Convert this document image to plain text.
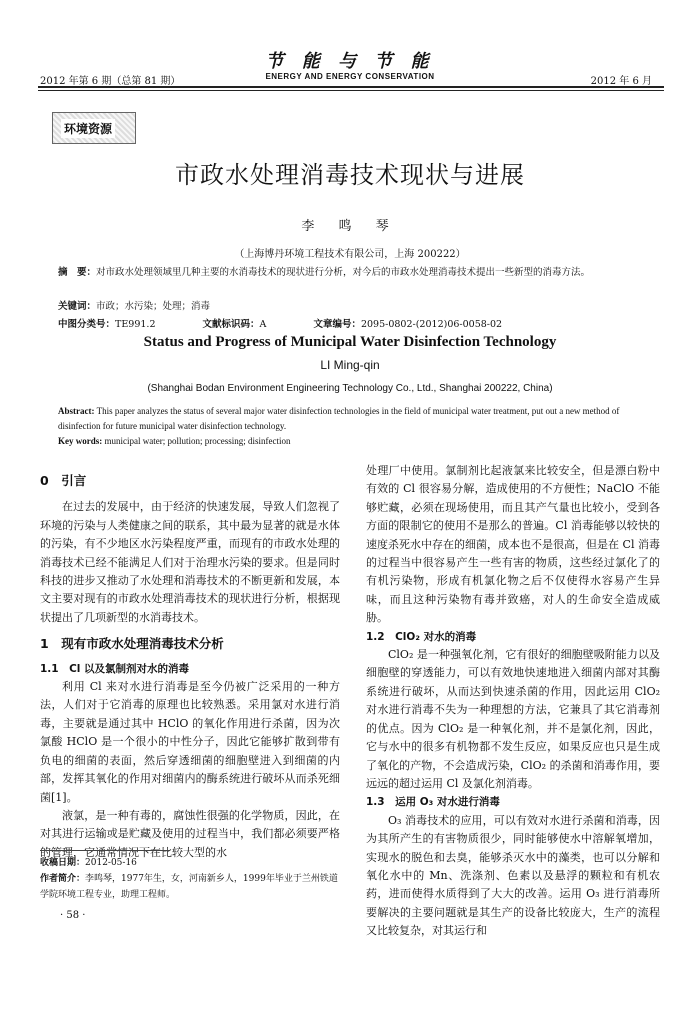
2012 年第 6 期（总第 81 期）
节 能 与 节 能
ENERGY AND ENERGY CONSERVATION	2012 年 6 月
环境资源
市政水处理消毒技术现状与进展
李 鸣 琴
（上海博丹环境工程技术有限公司，上海 200222）
摘　要：对市政水处理领域里几种主要的水消毒技术的现状进行分析，对今后的市政水处理消毒技术提出一些新型的消毒方法。
关键词：市政；水污染；处理；消毒
中图分类号：TE991.2	文献标识码：A	文章编号：2095-0802-(2012)06-0058-02
Status and Progress of Municipal Water Disinfection Technology
LI Ming-qin
(Shanghai Bodan Environment Engineering Technology Co., Ltd., Shanghai 200222, China)
Abstract: This paper analyzes the status of several major water disinfection technologies in the field of municipal water treatment, put out a new method of disinfection for future municipal water disinfection technology.
Key words: municipal water; pollution; processing; disinfection
0　引言

在过去的发展中，由于经济的快速发展，导致人们忽视了环境的污染与人类健康之间的联系，其中最为显著的就是水体的污染，有不少地区水污染程度严重，而现有的市政水处理的消毒技术已经不能满足人们对于治理水污染的要求。但是同时科技的进步又推动了水处理和消毒技术的不断更新和发展，本文主要对现有的市政水处理消毒技术的现状进行分析，根据现状提出了几项新型的水消毒技术。

1　现有市政水处理消毒技术分析
1.1　Cl 以及氯制剂对水的消毒

利用 Cl 来对水进行消毒是至今仍被广泛采用的一种方法，人们对于它消毒的原理也比较熟悉。采用氯对水进行消毒，主要就是通过其中 HClO 的氧化作用进行杀菌，因为次氯酸 HClO 是一个很小的中性分子，因此它能够扩散到带有负电的细菌的表面，然后穿透细菌的细胞壁进入到细菌的内部，发挥其氧化的作用对细菌内的酶系统进行破坏从而杀死细菌[1]。

液氯，是一种有毒的，腐蚀性很强的化学物质，因此，在对其进行运输或是贮藏及使用的过程当中，我们都必须要严格的管理，它通常情况下在比较大型的水

收稿日期：2012-05-16
作者简介：李鸣琴，1977年生，女，河南新乡人，1999年毕业于兰州铁道学院环境工程专业，助理工程师。
· 58 ·

处理厂中使用。氯制剂比起液氯来比较安全，但是漂白粉中有效的 Cl 很容易分解，造成使用的不方便性；NaClO 不能够贮藏，必须在现场使用，而且其产气量也比较小，受到各方面的限制它的使用不是那么的普遍。Cl 消毒能够以较快的速度杀死水中存在的细菌，成本也不是很高，但是在 Cl 消毒的过程当中很容易产生一些有害的物质，这些经过氯化了的有机污染物，形成有机氯化物之后不仅使得水容易产生异味，而且这种污染物有毒并致癌，对人的生命安全造成威胁。

1.2　ClO₂ 对水的消毒

ClO₂ 是一种强氧化剂，它有很好的细胞壁吸附能力以及细胞壁的穿透能力，可以有效地快速地进入细菌内部对其酶系统进行破坏，从而达到快速杀菌的作用，因此运用 ClO₂ 对水进行消毒不失为一种理想的方法，它兼具了其它消毒剂的优点。因为 ClO₂ 是一种氧化剂，并不是氯化剂，因此，它与水中的很多有机物都不发生反应，如果反应也只是生成了氧化的产物，不会造成污染，ClO₂ 的杀菌和消毒作用，要远远的超过运用 Cl 及氯化剂消毒。

1.3　运用 O₃ 对水进行消毒

O₃ 消毒技术的应用，可以有效对水进行杀菌和消毒，因为其所产生的有害物质很少，同时能够使水中溶解氧增加，实现水的脱色和去臭，能够杀灭水中的藻类，也可以分解和氧化水中的 Mn、洗涤剂、色素以及悬浮的颗粒和有机农药，进而使得水质得到了大大的改善。运用 O₃ 进行消毒所要解决的主要问题就是其生产的设备比较庞大，生产的流程又比较复杂，对其运行和
